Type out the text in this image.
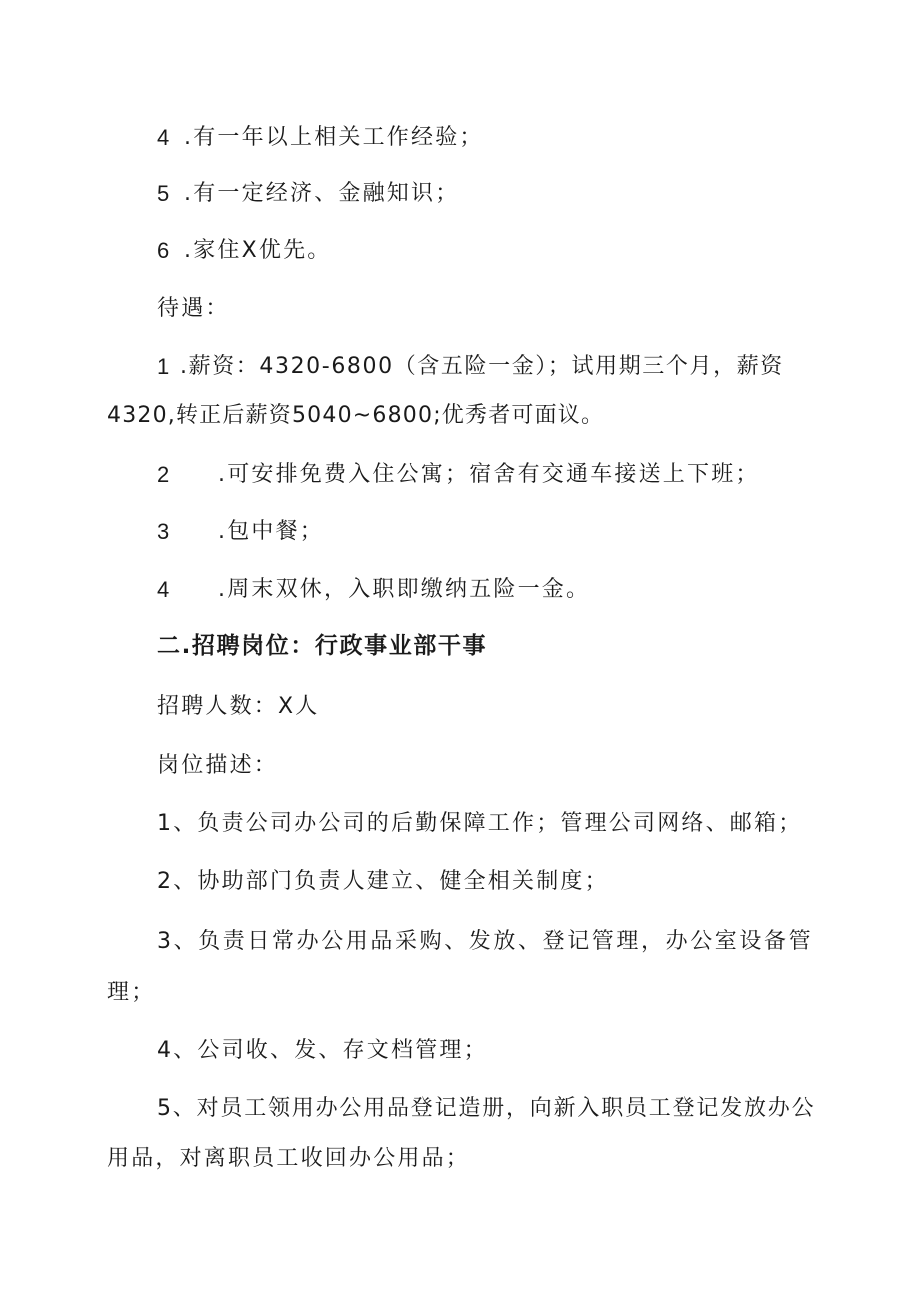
4 .有一年以上相关工作经验；
5 .有一定经济、金融知识；
6 .家住X优先。
待遇：
1 .薪资：4320-6800（含五险一金）；试用期三个月，薪资
4320,转正后薪资5040~6800;优秀者可面议。
2 .可安排免费入住公寓；宿舍有交通车接送上下班；
3 .包中餐；
4 .周末双休，入职即缴纳五险一金。
二.招聘岗位：行政事业部干事
招聘人数：X人
岗位描述：
1、负责公司办公司的后勤保障工作；管理公司网络、邮箱；
2、协助部门负责人建立、健全相关制度；
3、负责日常办公用品采购、发放、登记管理，办公室设备管
理；
4、公司收、发、存文档管理；
5、对员工领用办公用品登记造册，向新入职员工登记发放办公
用品，对离职员工收回办公用品；
